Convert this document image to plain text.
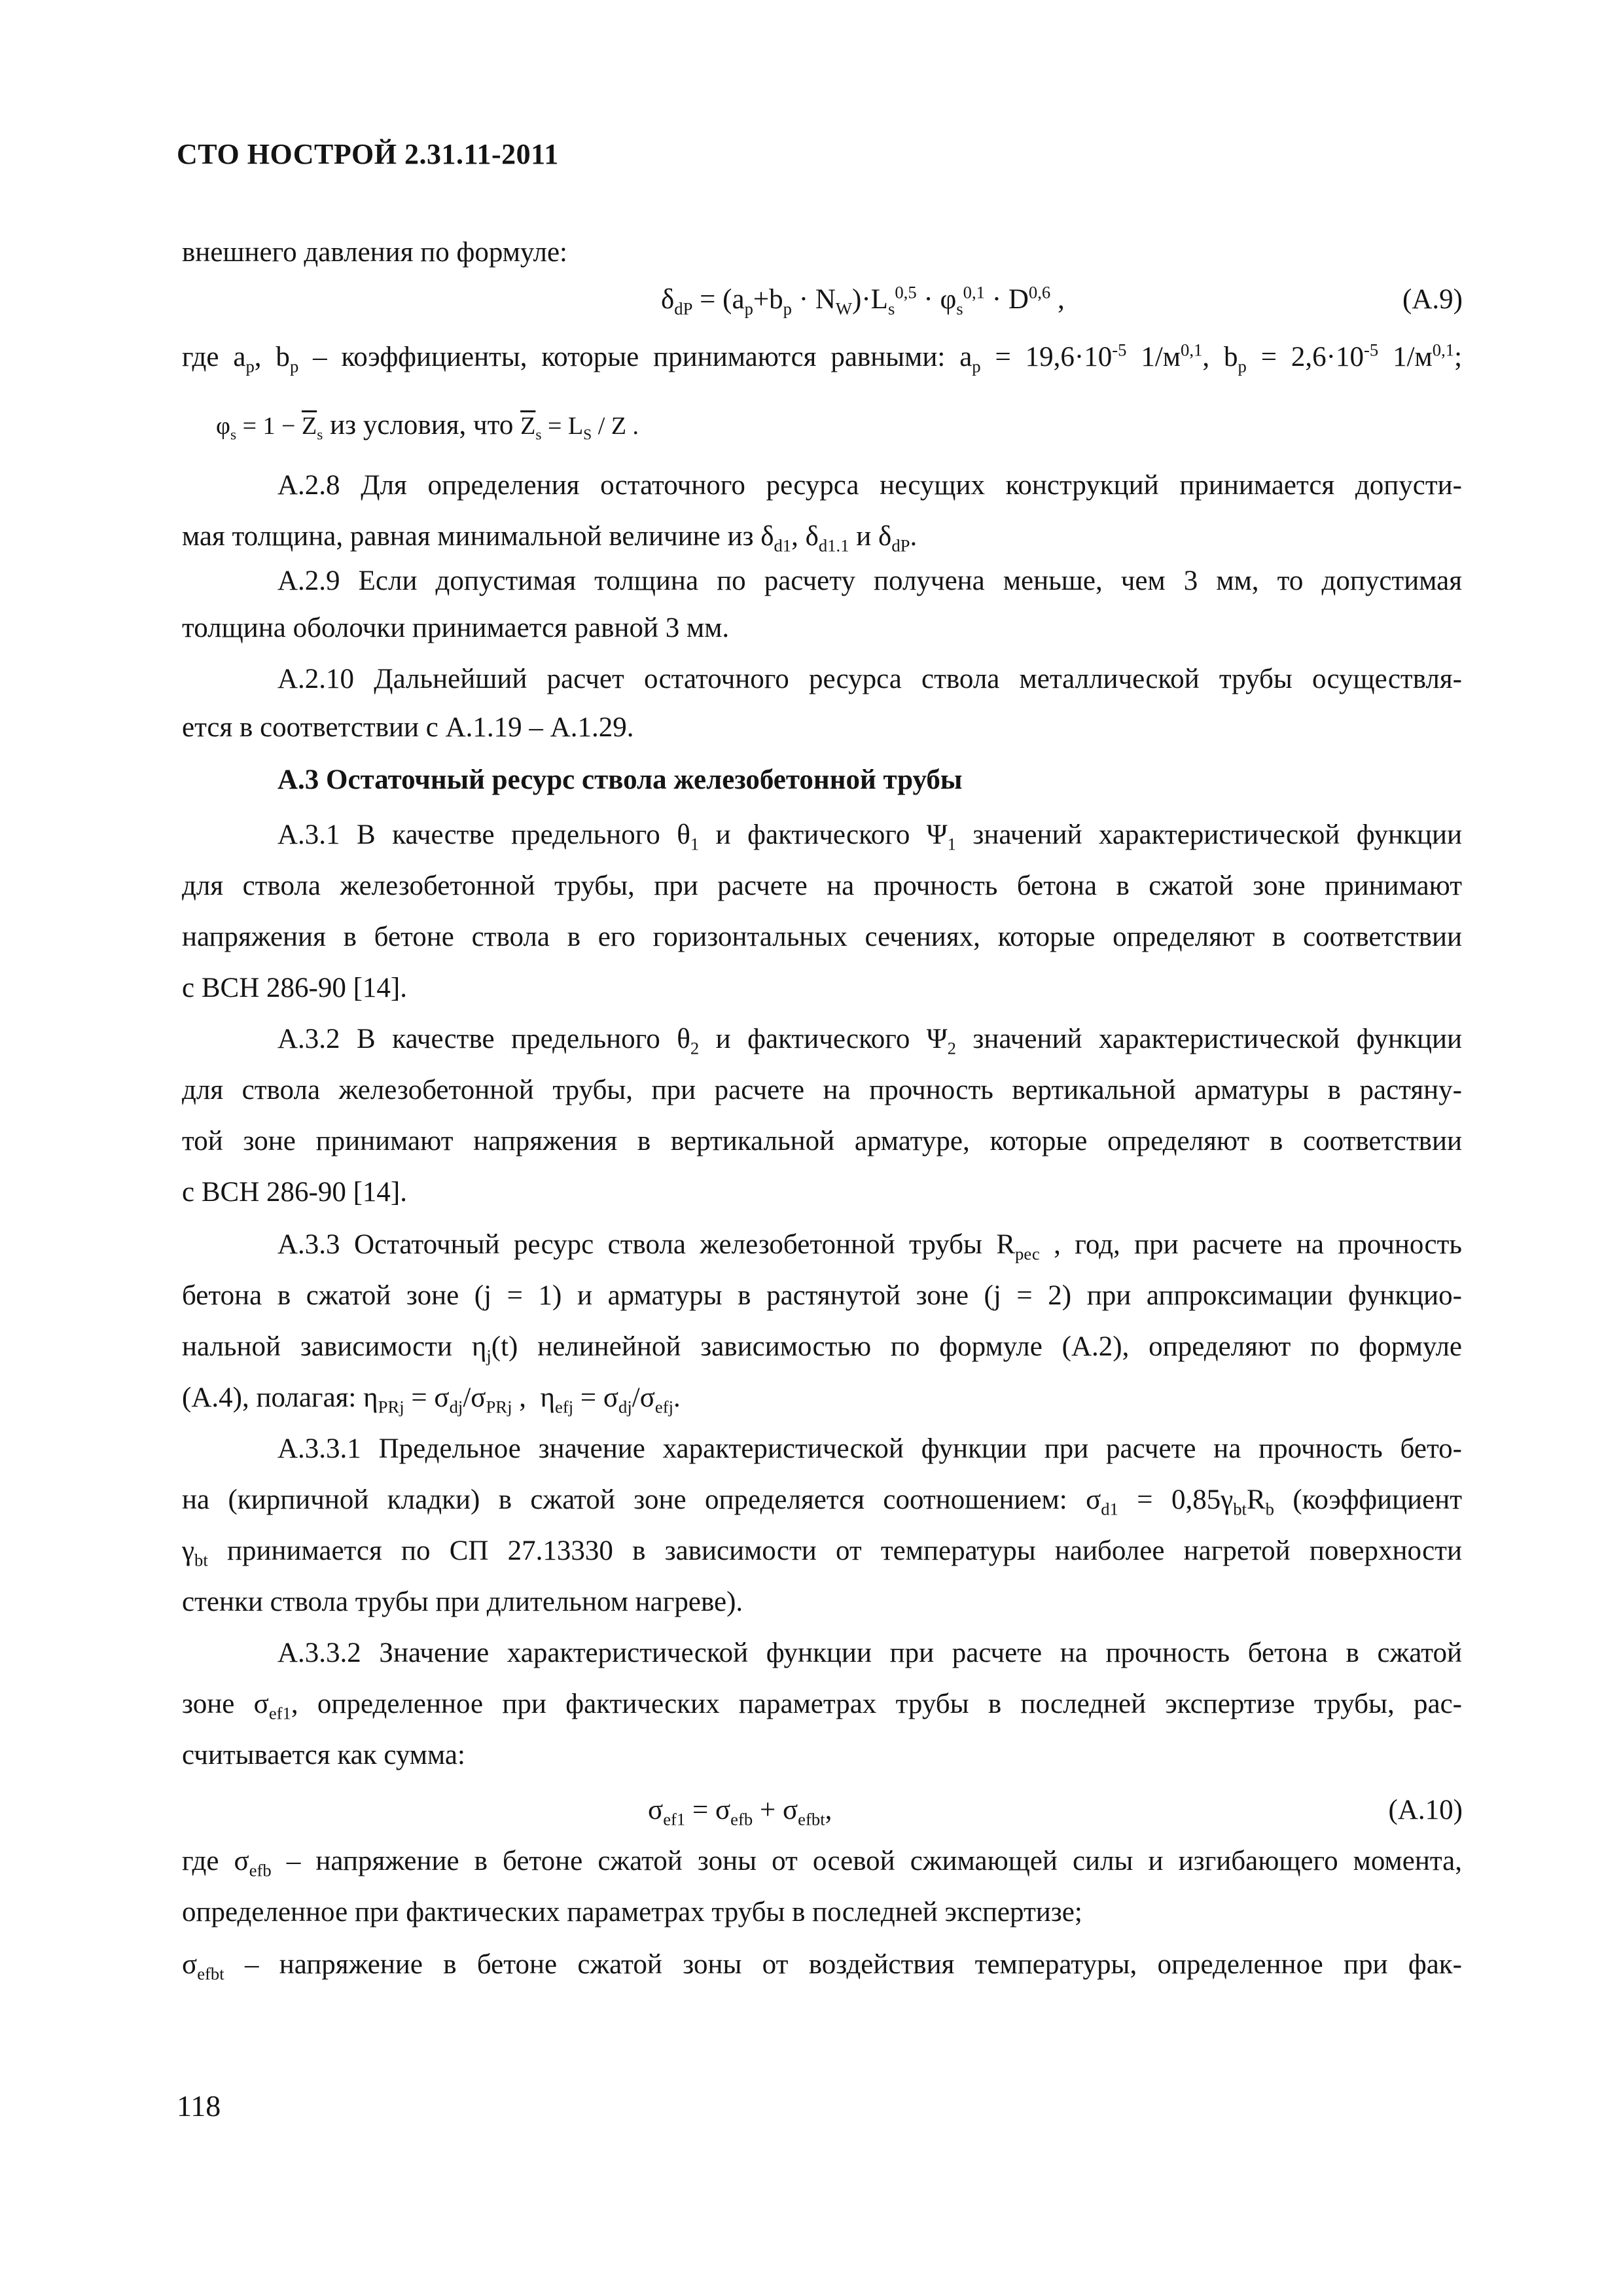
СТО НОСТРОЙ 2.31.11-2011
внешнего давления по формуле:
$\delta_{dP} = (a_p+b_p \cdot N_W)\cdot L_s^{0,5} \cdot \varphi_s^{0,1} \cdot D^{0,6}$ ,	(А.9)
где $a_p$, $b_p$ – коэффициенты, которые принимаются равными: $a_p = 19,6\cdot 10^{-5}$ $1/м^{0,1}$, $b_p = 2,6\cdot 10^{-5}$ $1/м^{0,1}$;
$\varphi_s = 1 - \overline{Z}_s$ из условия, что $\overline{Z}_s = L_S / Z$ .
А.2.8 Для определения остаточного ресурса несущих конструкций принимается допусти-
мая толщина, равная минимальной величине из $\delta_{d1}$, $\delta_{d1.1}$ и $\delta_{dP}$.
А.2.9 Если допустимая толщина по расчету получена меньше, чем 3 мм, то допустимая
толщина оболочки принимается равной 3 мм.
А.2.10 Дальнейший расчет остаточного ресурса ствола металлической трубы осуществля-
ется в соответствии с А.1.19 – А.1.29.
А.3 Остаточный ресурс ствола железобетонной трубы
А.3.1 В качестве предельного $\theta_1$ и фактического $\Psi_1$ значений характеристической функции
для ствола железобетонной трубы, при расчете на прочность бетона в сжатой зоне принимают
напряжения в бетоне ствола в его горизонтальных сечениях, которые определяют в соответствии
с ВСН 286-90 [14].
А.3.2 В качестве предельного $\theta_2$ и фактического $\Psi_2$ значений характеристической функции
для ствола железобетонной трубы, при расчете на прочность вертикальной арматуры в растяну-
той зоне принимают напряжения в вертикальной арматуре, которые определяют в соответствии
с ВСН 286-90 [14].
А.3.3 Остаточный ресурс ствола железобетонной трубы $R_{рес}$ , год, при расчете на прочность
бетона в сжатой зоне (j = 1) и арматуры в растянутой зоне (j = 2) при аппроксимации функцио-
нальной зависимости $\eta_j(t)$ нелинейной зависимостью по формуле (А.2), определяют по формуле
(А.4), полагая: $\eta_{PRj} = \sigma_{dj}/\sigma_{PRj}$ ,  $\eta_{efj} = \sigma_{dj}/\sigma_{efj}$.
А.3.3.1 Предельное значение характеристической функции при расчете на прочность бето-
на (кирпичной кладки) в сжатой зоне определяется соотношением: $\sigma_{d1} = 0,85\gamma_{bt}R_b$ (коэффициент
$\gamma_{bt}$ принимается по СП 27.13330 в зависимости от температуры наиболее нагретой поверхности
стенки ствола трубы при длительном нагреве).
А.3.3.2 Значение характеристической функции при расчете на прочность бетона в сжатой
зоне $\sigma_{ef1}$, определенное при фактических параметрах трубы в последней экспертизе трубы, рас-
считывается как сумма:
$\sigma_{ef1} = \sigma_{efb} + \sigma_{efbt}$,	(А.10)
где $\sigma_{efb}$ – напряжение в бетоне сжатой зоны от осевой сжимающей силы и изгибающего момента,
определенное при фактических параметрах трубы в последней экспертизе;
$\sigma_{efbt}$ – напряжение в бетоне сжатой зоны от воздействия температуры, определенное при фак-
118
